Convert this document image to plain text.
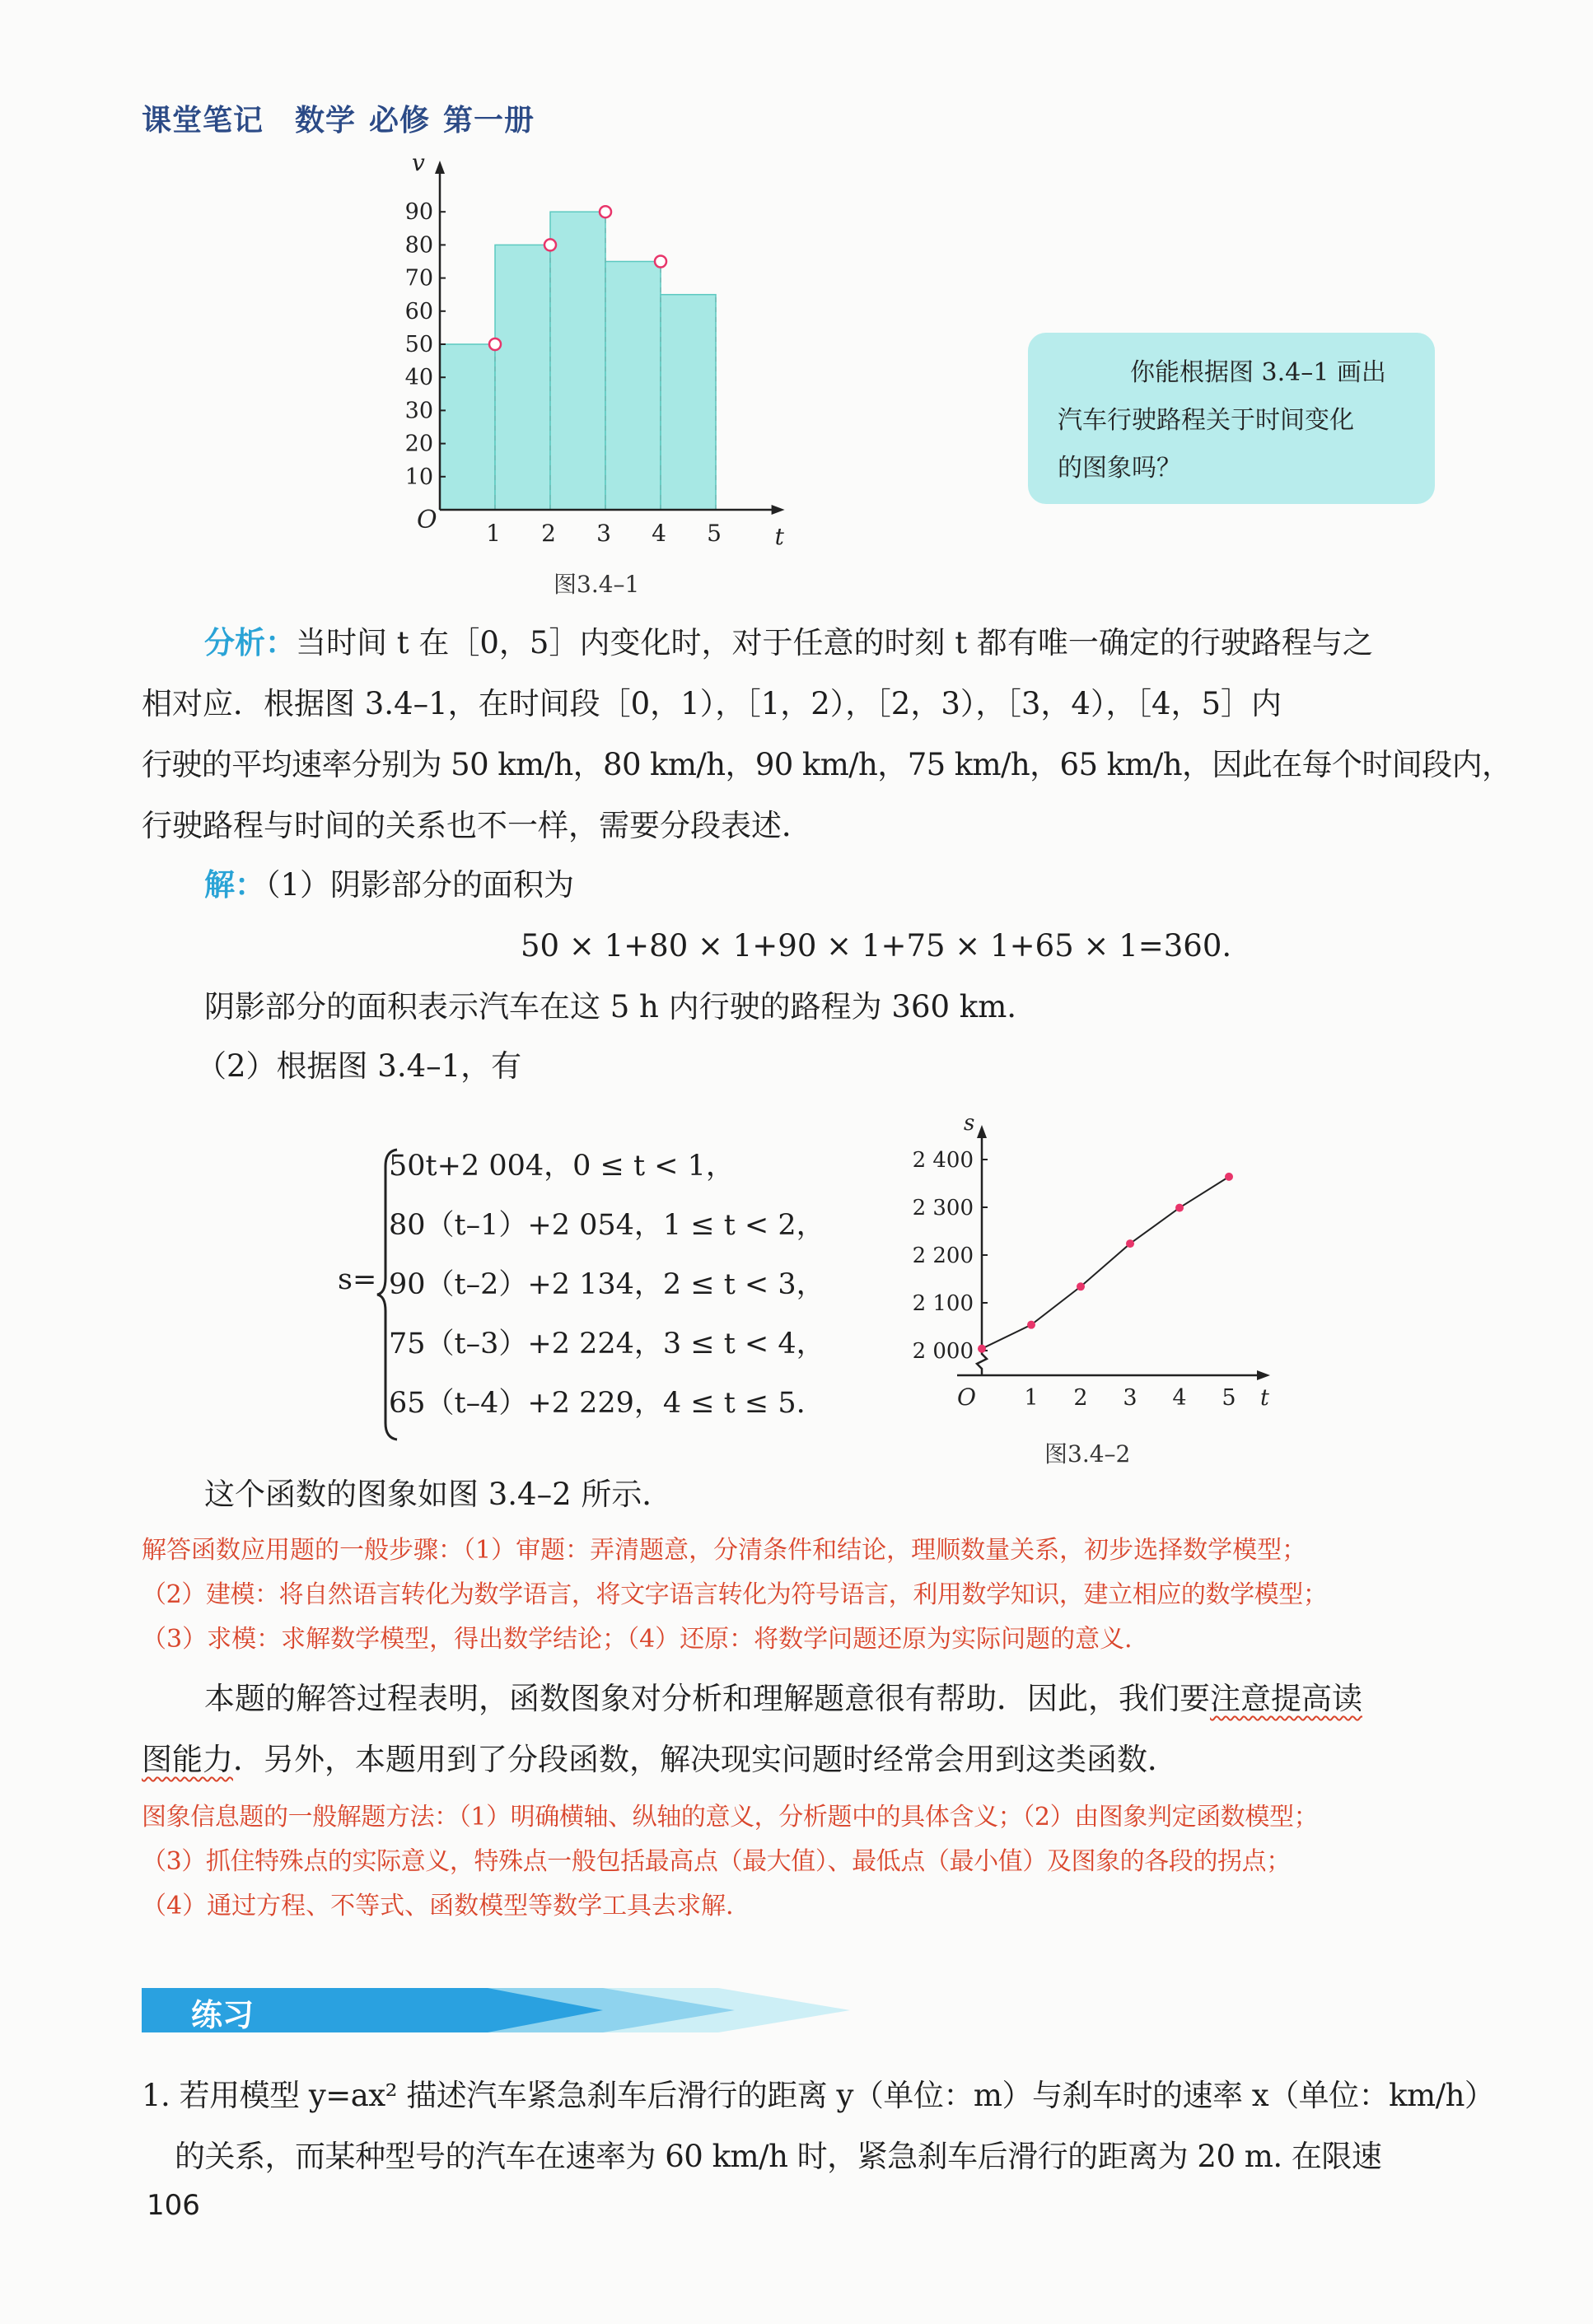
课堂笔记 数学 必修 第一册
10
20
30
40
50
60
70
80
90
1 2 3 4 5
O
v
t
图3.4–1
你能根据图 3.4–1 画出
汽车行驶路程关于时间变化
的图象吗？
分析：当时间 t 在［0，5］内变化时，对于任意的时刻 t 都有唯一确定的行驶路程与之
相对应．根据图 3.4–1，在时间段［0，1），［1，2），［2，3），［3，4），［4，5］内
行驶的平均速率分别为 50 km/h，80 km/h，90 km/h，75 km/h，65 km/h，因此在每个时间段内，
行驶路程与时间的关系也不一样，需要分段表述．
解：（1）阴影部分的面积为
50 × 1+80 × 1+90 × 1+75 × 1+65 × 1=360.
阴影部分的面积表示汽车在这 5 h 内行驶的路程为 360 km.
（2）根据图 3.4–1，有
s=
50t+2 004，0 ≤ t < 1，
80（t–1）+2 054，1 ≤ t < 2，
90（t–2）+2 134，2 ≤ t < 3，
75（t–3）+2 224，3 ≤ t < 4，
65（t–4）+2 229，4 ≤ t ≤ 5.
2 000
2 100
2 200
2 300
2 400
1 2 3 4 5
O
s
t
图3.4–2
这个函数的图象如图 3.4–2 所示．
解答函数应用题的一般步骤：（1）审题：弄清题意，分清条件和结论，理顺数量关系，初步选择数学模型；
（2）建模：将自然语言转化为数学语言，将文字语言转化为符号语言，利用数学知识，建立相应的数学模型；
（3）求模：求解数学模型，得出数学结论；（4）还原：将数学问题还原为实际问题的意义．
本题的解答过程表明，函数图象对分析和理解题意很有帮助．因此，我们要注意提高读
图能力．另外，本题用到了分段函数，解决现实问题时经常会用到这类函数．
图象信息题的一般解题方法：（1）明确横轴、纵轴的意义，分析题中的具体含义；（2）由图象判定函数模型；
（3）抓住特殊点的实际意义，特殊点一般包括最高点（最大值）、最低点（最小值）及图象的各段的拐点；
（4）通过方程、不等式、函数模型等数学工具去求解．
练习
1. 若用模型 y=ax² 描述汽车紧急刹车后滑行的距离 y（单位：m）与刹车时的速率 x（单位：km/h）
的关系，而某种型号的汽车在速率为 60 km/h 时，紧急刹车后滑行的距离为 20 m. 在限速
106
